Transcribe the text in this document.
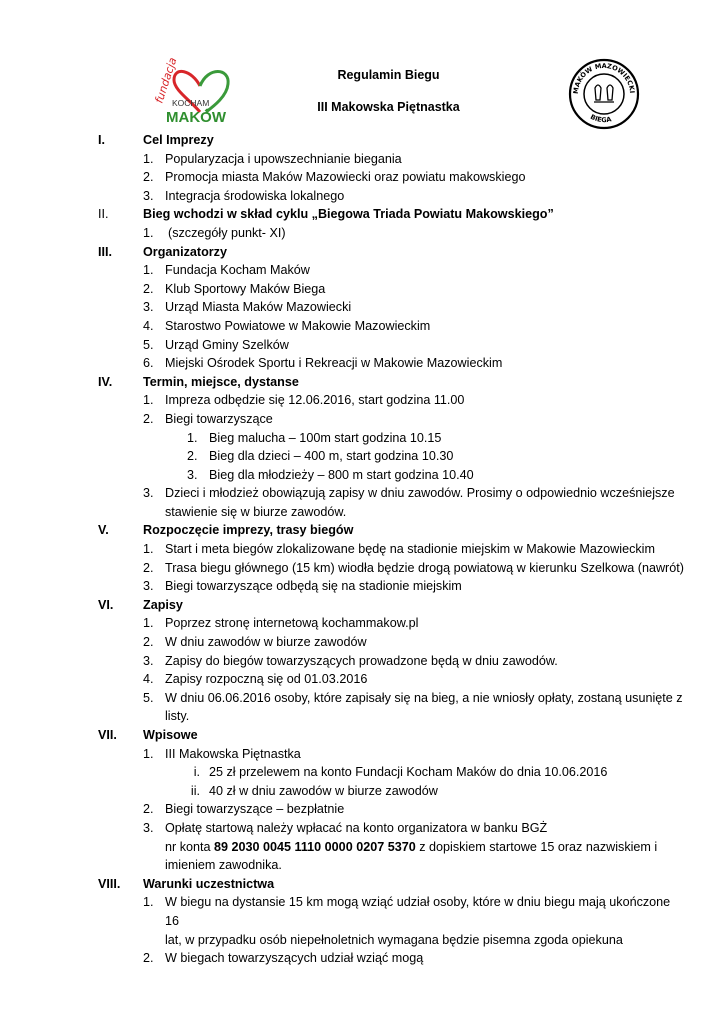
fundacja
KOCHAM
MAKÓW
MAKÓW MAZOWIECKI
BIEGA
Regulamin Biegu
III Makowska Piętnastka
I.	Cel Imprezy
1. Popularyzacja i upowszechnianie biegania
2. Promocja miasta Maków Mazowiecki oraz powiatu makowskiego
3. Integracja środowiska lokalnego
II.	Bieg wchodzi w skład cyklu „Biegowa Triada Powiatu Makowskiego”
1. (szczegóły punkt- XI)
III. Organizatorzy
1. Fundacja Kocham Maków
2. Klub Sportowy Maków Biega
3. Urząd Miasta Maków Mazowiecki
4. Starostwo Powiatowe w Makowie Mazowieckim
5. Urząd Gminy Szelków
6. Miejski Ośrodek Sportu i Rekreacji w Makowie Mazowieckim
IV. Termin, miejsce, dystanse
1. Impreza odbędzie się 12.06.2016, start godzina 11.00
2. Biegi towarzyszące
1. Bieg malucha – 100m start godzina 10.15
2. Bieg dla dzieci – 400 m, start godzina 10.30
3. Bieg dla młodzieży – 800 m start godzina 10.40
3. Dzieci i młodzież obowiązują zapisy w dniu zawodów. Prosimy o odpowiednio wcześniejsze
stawienie się w biurze zawodów.
V.	Rozpoczęcie imprezy, trasy biegów
1. Start i meta biegów zlokalizowane będę na stadionie miejskim w Makowie Mazowieckim
2. Trasa biegu głównego (15 km) wiodła będzie drogą powiatową w kierunku Szelkowa (nawrót)
3. Biegi towarzyszące odbędą się na stadionie miejskim
VI. Zapisy
1. Poprzez stronę internetową kochammakow.pl
2. W dniu zawodów w biurze zawodów
3. Zapisy do biegów towarzyszących prowadzone będą w dniu zawodów.
4. Zapisy rozpoczną się od 01.03.2016
5. W dniu 06.06.2016 osoby, które zapisały się na bieg, a nie wniosły opłaty, zostaną usunięte z
listy.
VII. Wpisowe
1. III Makowska Piętnastka
i. 25 zł przelewem na konto Fundacji Kocham Maków do dnia 10.06.2016
ii. 40 zł w dniu zawodów w biurze zawodów
2. Biegi towarzyszące – bezpłatnie
3. Opłatę startową należy wpłacać na konto organizatora w banku BGŻ
nr konta 89 2030 0045 1110 0000 0207 5370 z dopiskiem startowe 15 oraz nazwiskiem i
imieniem zawodnika.
VIII. Warunki uczestnictwa
1. W biegu na dystansie 15 km mogą wziąć udział osoby, które w dniu biegu mają ukończone 16
lat, w przypadku osób niepełnoletnich wymagana będzie pisemna zgoda opiekuna
2. W biegach towarzyszących udział wziąć mogą
